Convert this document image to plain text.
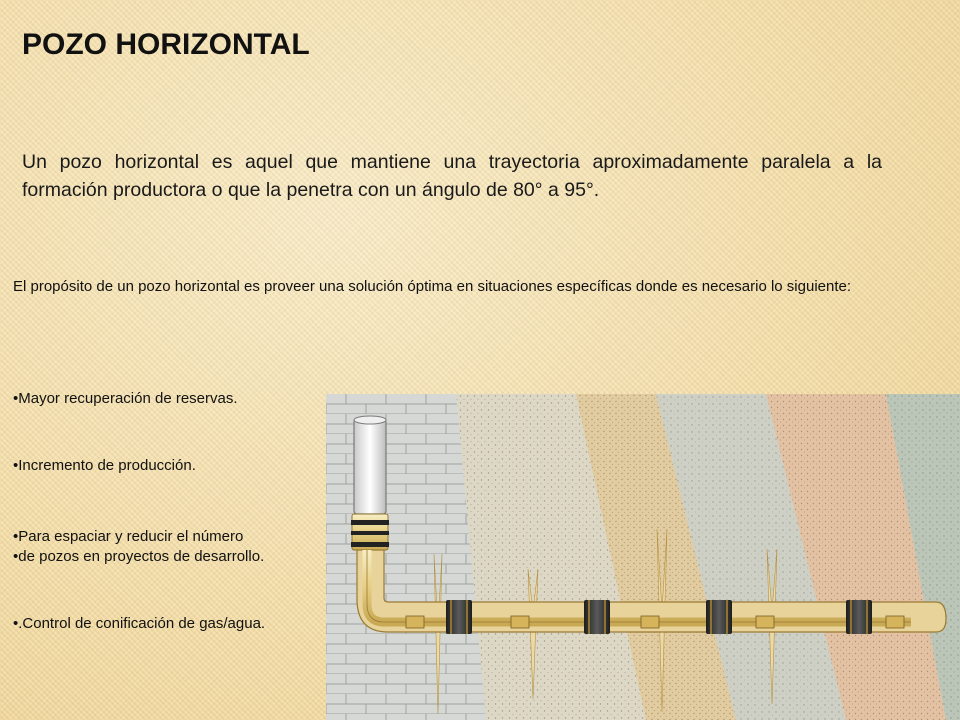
POZO HORIZONTAL
Un pozo horizontal es aquel que mantiene una trayectoria aproximadamente paralela a la formación productora o que la penetra con un ángulo de 80° a 95°.
El propósito de un pozo horizontal es proveer una solución óptima en situaciones específicas donde es necesario lo siguiente:
•Mayor recuperación de reservas.
•Incremento de producción.
•Para espaciar y reducir el número
•de pozos en proyectos de desarrollo.
•.Control de conificación de gas/agua.
